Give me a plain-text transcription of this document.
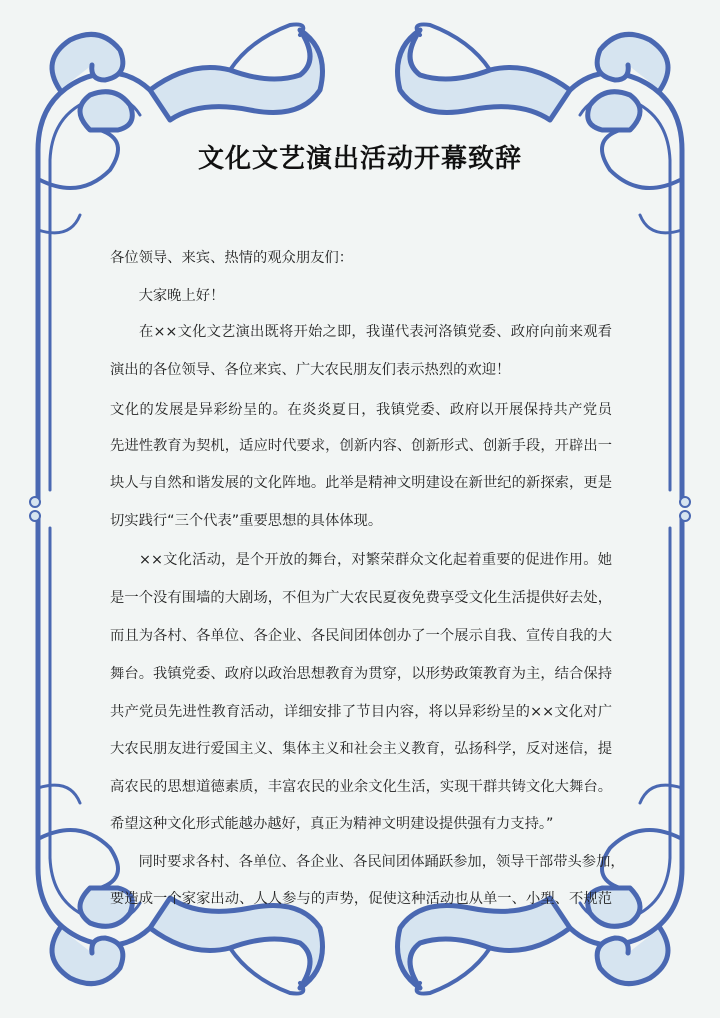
文化文艺演出活动开幕致辞
各位领导、来宾、热情的观众朋友们：
　　大家晚上好！
　　在××文化文艺演出既将开始之即，我谨代表河洛镇党委、政府向前来观看
演出的各位领导、各位来宾、广大农民朋友们表示热烈的欢迎！
文化的发展是异彩纷呈的。在炎炎夏日，我镇党委、政府以开展保持共产党员
先进性教育为契机，适应时代要求，创新内容、创新形式、创新手段，开辟出一
块人与自然和谐发展的文化阵地。此举是精神文明建设在新世纪的新探索，更是
切实践行“三个代表”重要思想的具体体现。
　　××文化活动，是个开放的舞台，对繁荣群众文化起着重要的促进作用。她
是一个没有围墙的大剧场，不但为广大农民夏夜免费享受文化生活提供好去处，
而且为各村、各单位、各企业、各民间团体创办了一个展示自我、宣传自我的大
舞台。我镇党委、政府以政治思想教育为贯穿，以形势政策教育为主，结合保持
共产党员先进性教育活动，详细安排了节目内容，将以异彩纷呈的××文化对广
大农民朋友进行爱国主义、集体主义和社会主义教育，弘扬科学，反对迷信，提
高农民的思想道德素质，丰富农民的业余文化生活，实现干群共铸文化大舞台。
希望这种文化形式能越办越好，真正为精神文明建设提供强有力支持。”
　　同时要求各村、各单位、各企业、各民间团体踊跃参加，领导干部带头参加，
要造成一个家家出动、人人参与的声势，促使这种活动也从单一、小型、不规范
